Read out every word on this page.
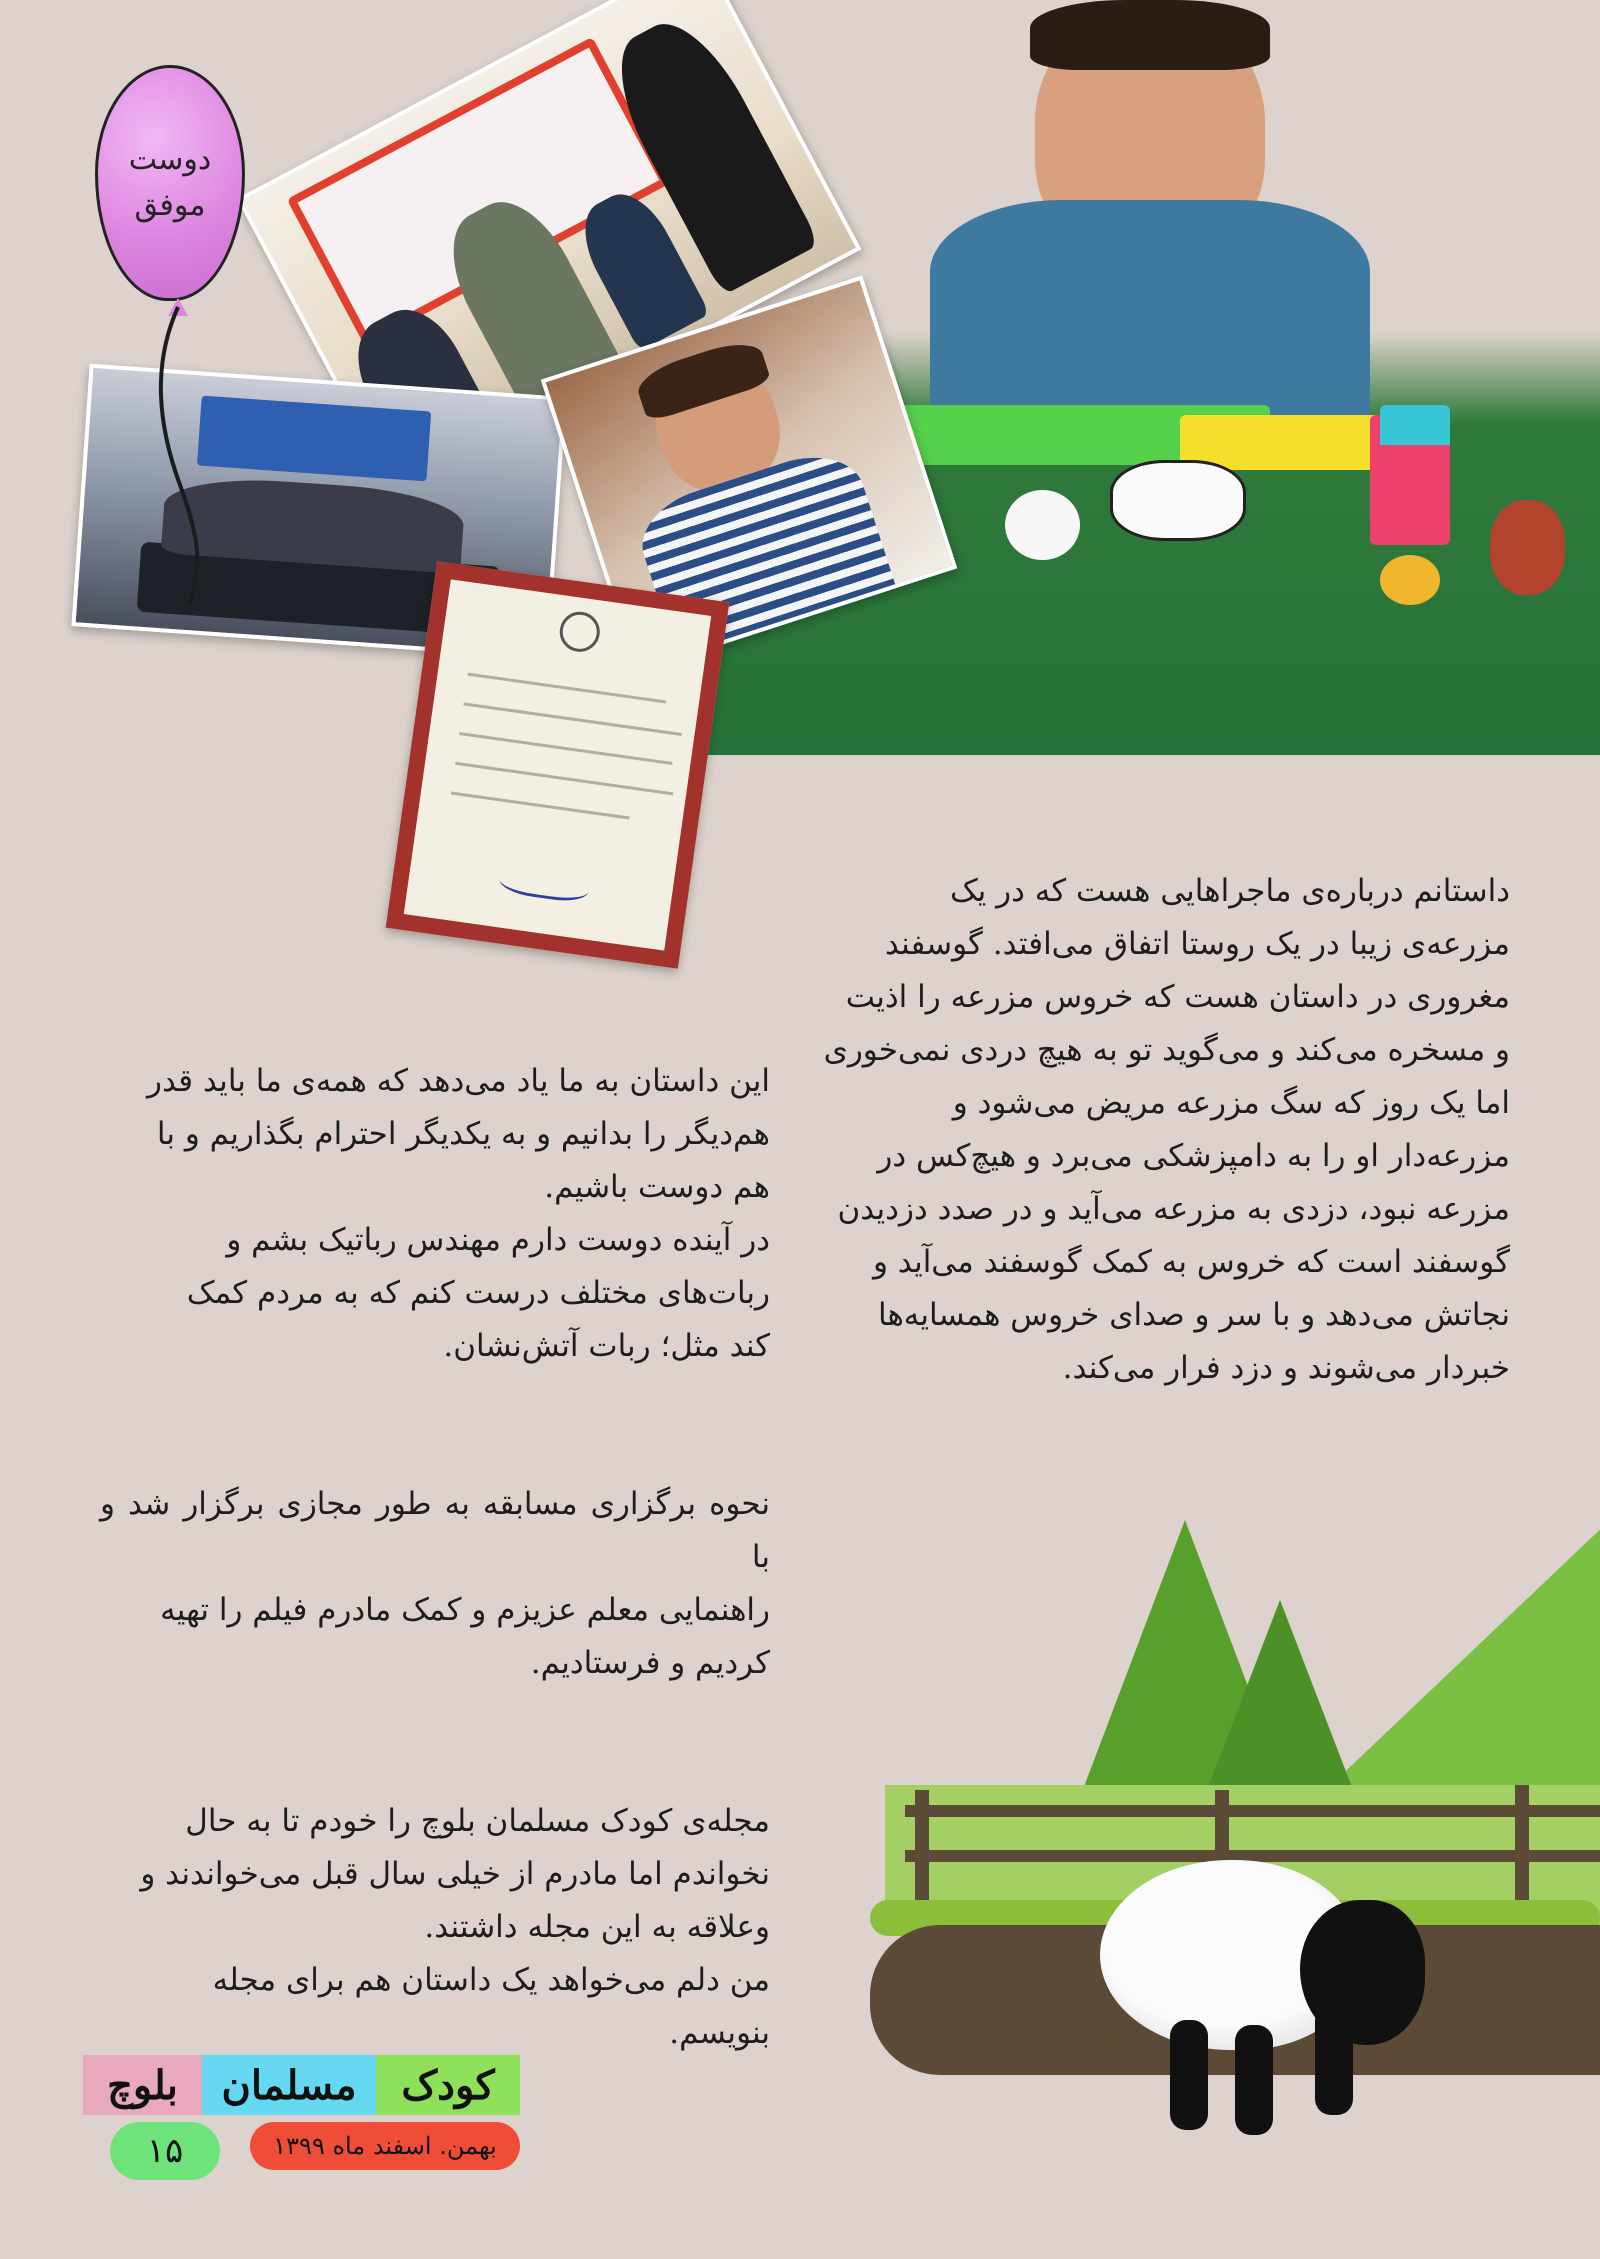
دوست
موفق
داستانم درباره‌ی ماجراهایی هست که در یک
مزرعه‌ی زیبا در یک روستا اتفاق می‌افتد. گوسفند
مغروری در داستان هست که خروس مزرعه را اذیت
و مسخره می‌کند و می‌گوید تو به هیچ دردی نمی‌خوری
اما یک روز که سگ مزرعه مریض می‌شود و
مزرعه‌دار او را به دامپزشکی می‌برد و هیچ‌کس در
مزرعه نبود، دزدی به مزرعه می‌آید و در صدد دزدیدن
گوسفند است که خروس به کمک گوسفند می‌آید و
نجاتش می‌دهد و با سر و صدای خروس همسایه‌ها
خبردار می‌شوند و دزد فرار می‌کند.

این داستان به ما یاد می‌دهد که همه‌ی ما باید قدر
هم‌دیگر را بدانیم و به یکدیگر احترام بگذاریم و با
هم دوست باشیم.
در آینده دوست دارم مهندس رباتیک بشم و
ربات‌های مختلف درست کنم که به مردم کمک
کند مثل؛ ربات آتش‌نشان.

نحوه برگزاری مسابقه به طور مجازی برگزار شد و با
راهنمایی معلم عزیزم و کمک مادرم فیلم را تهیه
کردیم و فرستادیم.

مجله‌ی کودک مسلمان بلوچ را خودم تا به حال
نخواندم اما مادرم از خیلی سال قبل می‌خواندند و
وعلاقه به این مجله داشتند.
من دلم می‌خواهد یک داستان هم برای مجله
بنویسم.

بلوچ	مسلمان	کودک
۱۵	بهمن. اسفند ماه ۱۳۹۹
